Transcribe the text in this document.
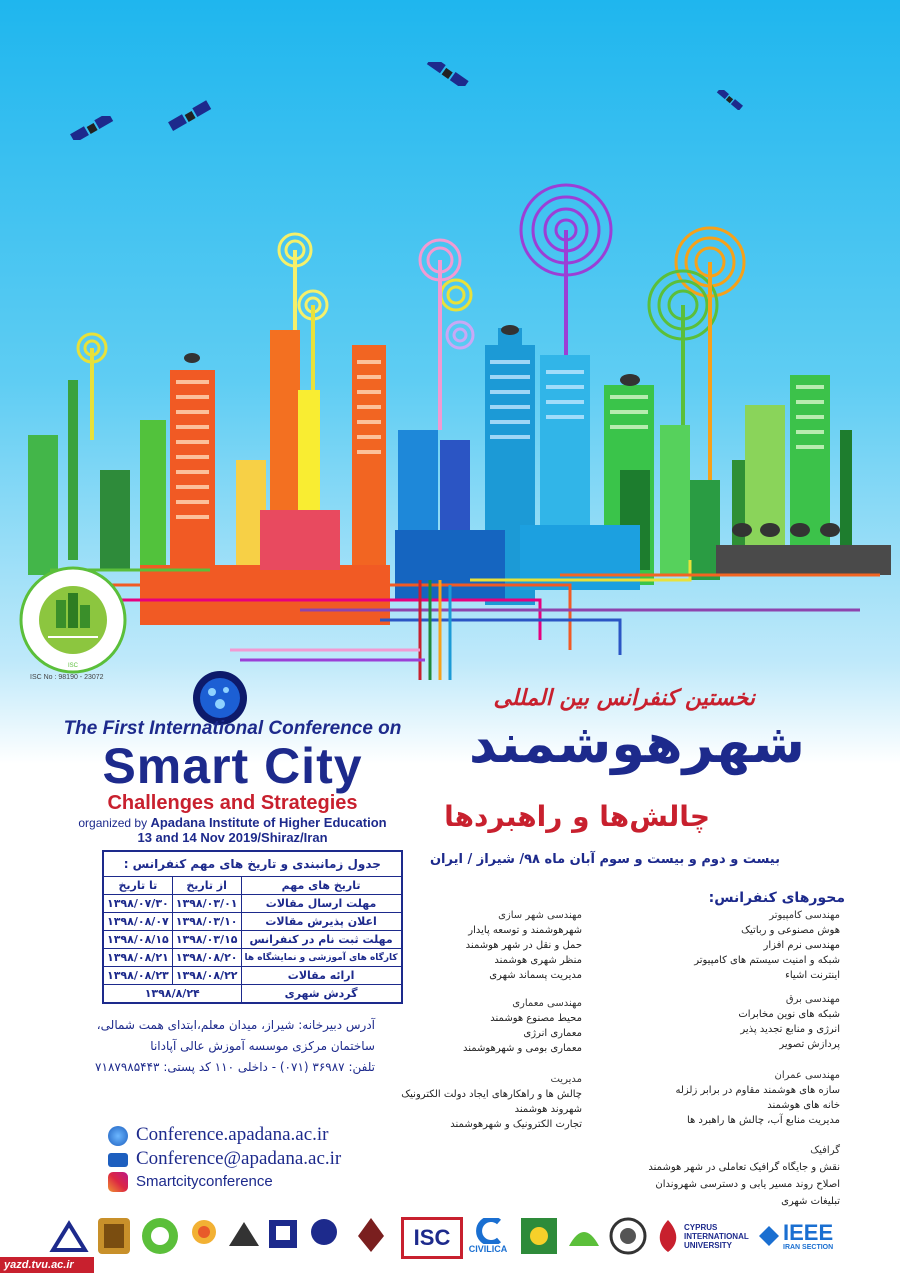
ISC
ISC No : 98190 - 23072
The First International Conference on
Smart City
Challenges and Strategies
organized by Apadana Institute of Higher Education
13 and 14 Nov 2019/Shiraz/Iran
نخستین کنفرانس بین المللی
شهرهوشمند
چالش‌ها و راهبردها
بیست و دوم و بیست و سوم آبان ماه ۹۸/ شیراز / ایران
جدول زمانبندی و تاریخ های مهم کنفرانس :		
تاریخ های مهم	از تاریخ	تا تاریخ
مهلت ارسال مقالات	۱۳۹۸/۰۳/۰۱	۱۳۹۸/۰۷/۳۰
اعلان پذیرش مقالات	۱۳۹۸/۰۳/۱۰	۱۳۹۸/۰۸/۰۷
مهلت ثبت نام در کنفرانس	۱۳۹۸/۰۳/۱۵	۱۳۹۸/۰۸/۱۵
کارگاه های آموزشی و نمایشگاه ها	۱۳۹۸/۰۸/۲۰	۱۳۹۸/۰۸/۲۱
ارائه مقالات	۱۳۹۸/۰۸/۲۲	۱۳۹۸/۰۸/۲۳
گردش شهری	۱۳۹۸/۸/۲۴	
محورهای کنفرانس:
مهندسی کامپیوتر
هوش مصنوعی و رباتیک
مهندسی نرم افزار
شبکه و امنیت سیستم های کامپیوتر
اینترنت اشیاء
مهندسی شهر سازی
شهرهوشمند و توسعه پایدار
حمل و نقل در شهر هوشمند
منظر شهری هوشمند
مدیریت پسماند شهری
مهندسی برق
شبکه های نوین مخابرات
انرژی و منابع تجدید پذیر
پردازش تصویر
مهندسی معماری
محیط مصنوع هوشمند
معماری انرژی
معماری بومی و شهرهوشمند
مهندسی عمران
سازه های هوشمند مقاوم در برابر زلزله
خانه های هوشمند
مدیریت منابع آب، چالش ها راهبرد ها
مدیریت
چالش ها و راهکارهای ایجاد دولت الکترونیک
شهروند هوشمند
تجارت الکترونیک و شهرهوشمند
گرافیک
نقش و جایگاه گرافیک تعاملی در شهر هوشمند
اصلاح روند مسیر یابی و دسترسی شهروندان
تبلیغات شهری
آدرس دبیرخانه: شیراز، میدان معلم،ابتدای همت شمالی،
ساختمان مرکزی موسسه آموزش عالی آپادانا
تلفن: ۳۶۹۸۷ (۰۷۱) - داخلی ۱۱۰ کد پستی: ۷۱۸۷۹۸۵۴۴۳
Conference.apadana.ac.ir
Conference@apadana.ac.ir
Smartcityconference
ISC	CIVILICA
CYPRUS
INTERNATIONAL
UNIVERSITY
IEEE
IRAN SECTION
yazd.tvu.ac.ir
